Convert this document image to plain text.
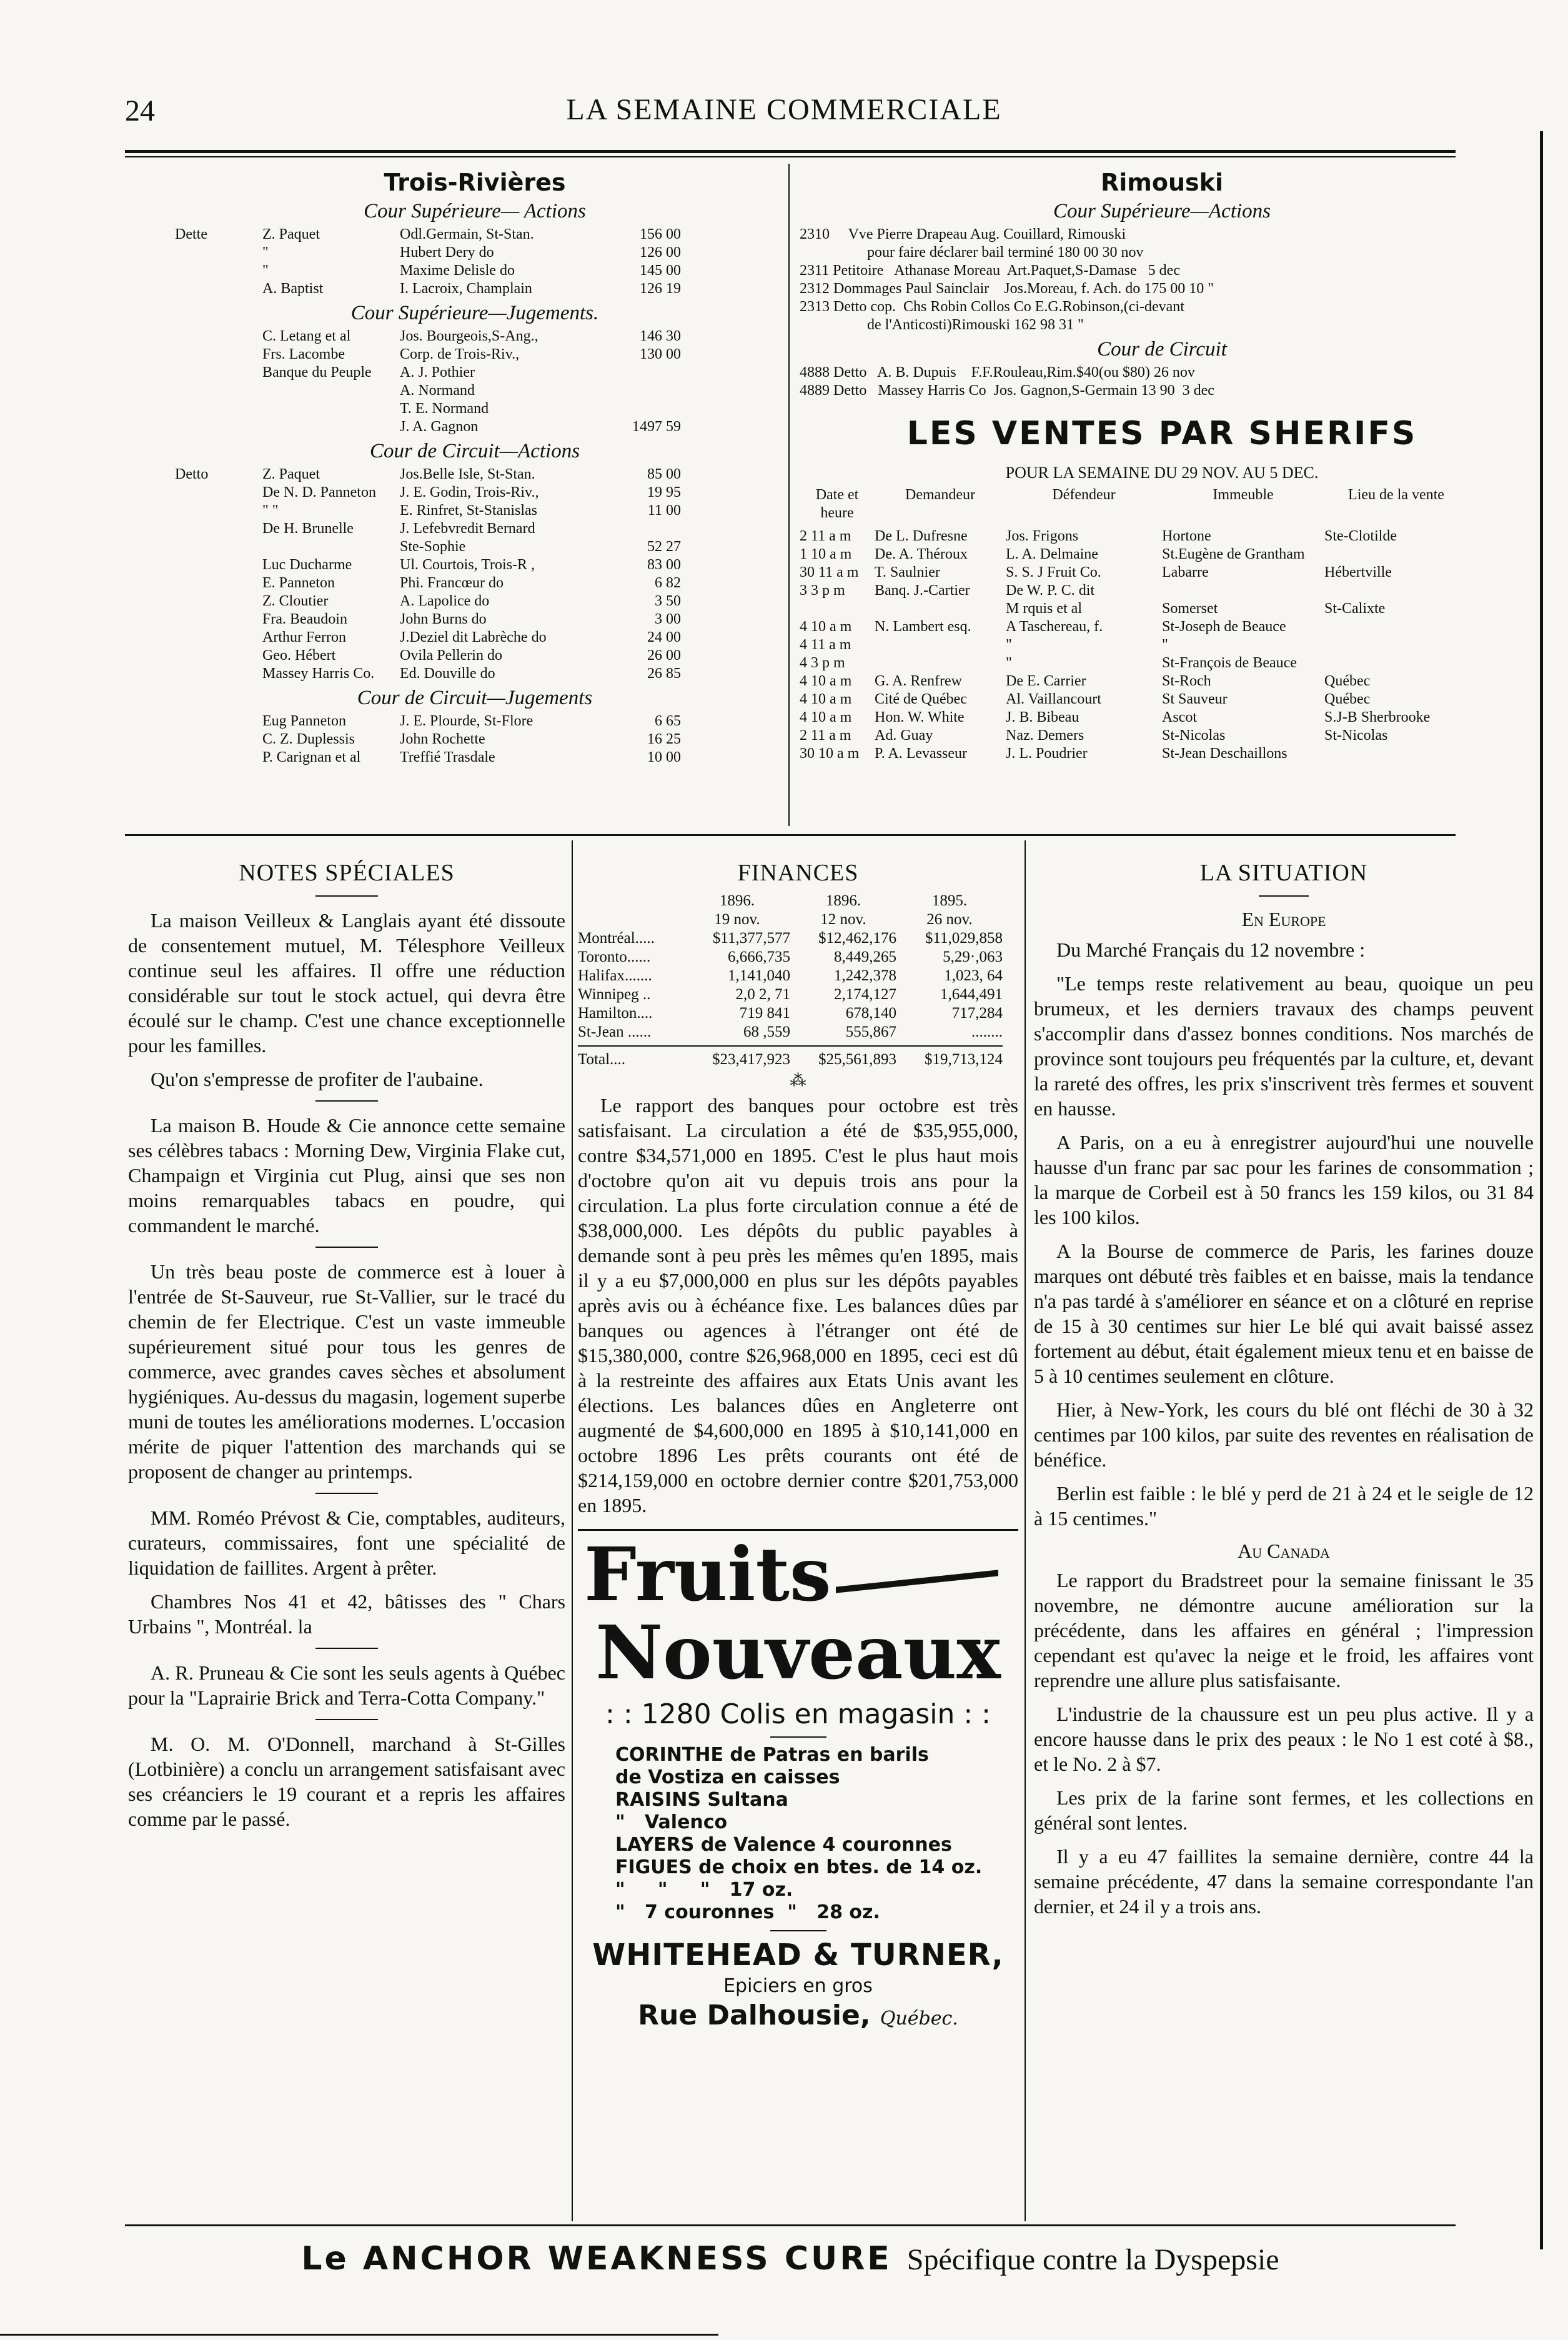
24	LA SEMAINE COMMERCIALE
Trois-Rivières
Cour Supérieure— Actions
Dette	Z. Paquet	Odl.Germain, St-Stan.	156 00
"	Hubert Dery do	126 00
"	Maxime Delisle do	145 00
A. Baptist	I. Lacroix, Champlain	126 19
Cour Supérieure—Jugements.
C. Letang et al	Jos. Bourgeois,S-Ang.,	146 30
Frs. Lacombe	Corp. de Trois-Riv.,	130 00
Banque du Peuple	A. J. Pothier
A. Normand
T. E. Normand
J. A. Gagnon	1497 59
Cour de Circuit—Actions
Detto	Z. Paquet	Jos.Belle Isle, St-Stan.	85 00
De N. D. Panneton	J. E. Godin, Trois-Riv.,	19 95
" "	E. Rinfret, St-Stanislas	11 00
De H. Brunelle	J. Lefebvredit Bernard
Ste-Sophie	52 27
Luc Ducharme	Ul. Courtois, Trois-R ,	83 00
E. Panneton	Phi. Francœur do	6 82
Z. Cloutier	A. Lapolice do	3 50
Fra. Beaudoin	John Burns do	3 00
Arthur Ferron	J.Deziel dit Labrèche do	24 00
Geo. Hébert	Ovila Pellerin do	26 00
Massey Harris Co.	Ed. Douville do	26 85
Cour de Circuit—Jugements
Eug Panneton	J. E. Plourde, St-Flore	6 65
C. Z. Duplessis	John Rochette	16 25
P. Carignan et al	Treffié Trasdale	10 00
Rimouski
Cour Supérieure—Actions
2310     Vve Pierre Drapeau Aug. Couillard, Rimouski
pour faire déclarer bail terminé 180 00 30 nov
2311 Petitoire   Athanase Moreau  Art.Paquet,S-Damase   5 dec
2312 Dommages Paul Sainclair    Jos.Moreau, f. Ach. do 175 00 10 "
2313 Detto cop.  Chs Robin Collos Co E.G.Robinson,(ci-devant
de l'Anticosti)Rimouski 162 98 31 "
Cour de Circuit
4888 Detto   A. B. Dupuis    F.F.Rouleau,Rim.$40(ou $80) 26 nov
4889 Detto   Massey Harris Co  Jos. Gagnon,S-Germain 13 90  3 dec
LES VENTES PAR SHERIFS
POUR LA SEMAINE DU 29 NOV. AU 5 DEC.
Date et heure
Demandeur	Défendeur	Immeuble	Lieu de la vente
2 11 a m	De L. Dufresne	Jos. Frigons	Hortone	Ste-Clotilde
1 10 a m	De. A. Théroux	L. A. Delmaine	St.Eugène de Grantham
30 11 a m	T. Saulnier	S. S. J Fruit Co.	Labarre	Hébertville
3 3 p m	Banq. J.-Cartier	De W. P. C. dit
M rquis et al	Somerset	St-Calixte
4 10 a m	N. Lambert esq.	A Taschereau, f.	St-Joseph de Beauce
4 11 a m	"	"
4 3 p m	"	St-François de Beauce
4 10 a m	G. A. Renfrew	De E. Carrier	St-Roch	Québec
4 10 a m	Cité de Québec	Al. Vaillancourt	St Sauveur	Québec
4 10 a m	Hon. W. White	J. B. Bibeau	Ascot	S.J-B Sherbrooke
2 11 a m	Ad. Guay	Naz. Demers	St-Nicolas	St-Nicolas
30 10 a m	P. A. Levasseur	J. L. Poudrier	St-Jean Deschaillons
NOTES SPÉCIALES

La maison Veilleux & Langlais ayant été dissoute de consentement mutuel, M. Télesphore Veilleux continue seul les affaires. Il offre une réduction considérable sur tout le stock actuel, qui devra être écoulé sur le champ. C'est une chance exceptionnelle pour les familles.

Qu'on s'empresse de profiter de l'aubaine.

La maison B. Houde & Cie annonce cette semaine ses célèbres tabacs : Morning Dew, Virginia Flake cut, Champaign et Virginia cut Plug, ainsi que ses non moins remarquables tabacs en poudre, qui commandent le marché.

Un très beau poste de commerce est à louer à l'entrée de St-Sauveur, rue St-Vallier, sur le tracé du chemin de fer Electrique. C'est un vaste immeuble supérieurement situé pour tous les genres de commerce, avec grandes caves sèches et absolument hygiéniques. Au-dessus du magasin, logement superbe muni de toutes les améliorations modernes. L'occasion mérite de piquer l'attention des marchands qui se proposent de changer au printemps.

MM. Roméo Prévost & Cie, comptables, auditeurs, curateurs, commissaires, font une spécialité de liquidation de faillites. Argent à prêter.

Chambres Nos 41 et 42, bâtisses des " Chars Urbains ", Montréal. la

A. R. Pruneau & Cie sont les seuls agents à Québec pour la "Laprairie Brick and Terra-Cotta Company."

M. O. M. O'Donnell, marchand à St-Gilles (Lotbinière) a conclu un arrangement satisfaisant avec ses créanciers le 19 courant et a repris les affaires comme par le passé.

FINANCES
1896.	1896.	1895.
19 nov.	12 nov.	26 nov.
Montréal.....	$11,377,577	$12,462,176	$11,029,858
Toronto......	6,666,735	8,449,265	5,29·,063
Halifax.......	1,141,040	1,242,378	1,023, 64
Winnipeg ..	2,0 2, 71	2,174,127	1,644,491
Hamilton....	719 841	678,140	717,284
St-Jean ......	68 ,559	555,867	........
Total....	$23,417,923	$25,561,893	$19,713,124
⁂

Le rapport des banques pour octobre est très satisfaisant. La circulation a été de $35,955,000, contre $34,571,000 en 1895. C'est le plus haut mois d'octobre qu'on ait vu depuis trois ans pour la circulation. La plus forte circulation connue a été de $38,000,000. Les dépôts du public payables à demande sont à peu près les mêmes qu'en 1895, mais il y a eu $7,000,000 en plus sur les dépôts payables après avis ou à échéance fixe. Les balances dûes par banques ou agences à l'étranger ont été de $15,380,000, contre $26,968,000 en 1895, ceci est dû à la restreinte des affaires aux Etats Unis avant les élections. Les balances dûes en Angleterre ont augmenté de $4,600,000 en 1895 à $10,141,000 en octobre 1896 Les prêts courants ont été de $214,159,000 en octobre dernier contre $201,753,000 en 1895.

Fruits
Nouveaux
: : 1280 Colis en magasin : :
CORINTHE de Patras en barils
de Vostiza en caisses
RAISINS Sultana
"   Valenco
LAYERS de Valence 4 couronnes
FIGUES de choix en btes. de 14 oz.
"     "     "   17 oz.
"   7 couronnes  "   28 oz.
WHITEHEAD & TURNER,
Epiciers en gros
Rue Dalhousie, Québec.
LA SITUATION
En Europe

Du Marché Français du 12 novembre :

"Le temps reste relativement au beau, quoique un peu brumeux, et les derniers travaux des champs peuvent s'accomplir dans d'assez bonnes conditions. Nos marchés de province sont toujours peu fréquentés par la culture, et, devant la rareté des offres, les prix s'inscrivent très fermes et souvent en hausse.

A Paris, on a eu à enregistrer aujourd'hui une nouvelle hausse d'un franc par sac pour les farines de consommation ; la marque de Corbeil est à 50 francs les 159 kilos, ou 31 84 les 100 kilos.

A la Bourse de commerce de Paris, les farines douze marques ont débuté très faibles et en baisse, mais la tendance n'a pas tardé à s'améliorer en séance et on a clôturé en reprise de 15 à 30 centimes sur hier Le blé qui avait baissé assez fortement au début, était également mieux tenu et en baisse de 5 à 10 centimes seulement en clôture.

Hier, à New-York, les cours du blé ont fléchi de 30 à 32 centimes par 100 kilos, par suite des reventes en réalisation de bénéfice.

Berlin est faible : le blé y perd de 21 à 24 et le seigle de 12 à 15 centimes."

Au Canada

Le rapport du Bradstreet pour la semaine finissant le 35 novembre, ne démontre aucune amélioration sur la précédente, dans les affaires en général ; l'impression cependant est qu'avec la neige et le froid, les affaires vont reprendre une allure plus satisfaisante.

L'industrie de la chaussure est un peu plus active. Il y a encore hausse dans le prix des peaux : le No 1 est coté à $8., et le No. 2 à $7.

Les prix de la farine sont fermes, et les collections en général sont lentes.

Il y a eu 47 faillites la semaine dernière, contre 44 la semaine précédente, 47 dans la semaine correspondante l'an dernier, et 24 il y a trois ans.

Le ANCHOR WEAKNESS CURE Spécifique contre la Dyspepsie
